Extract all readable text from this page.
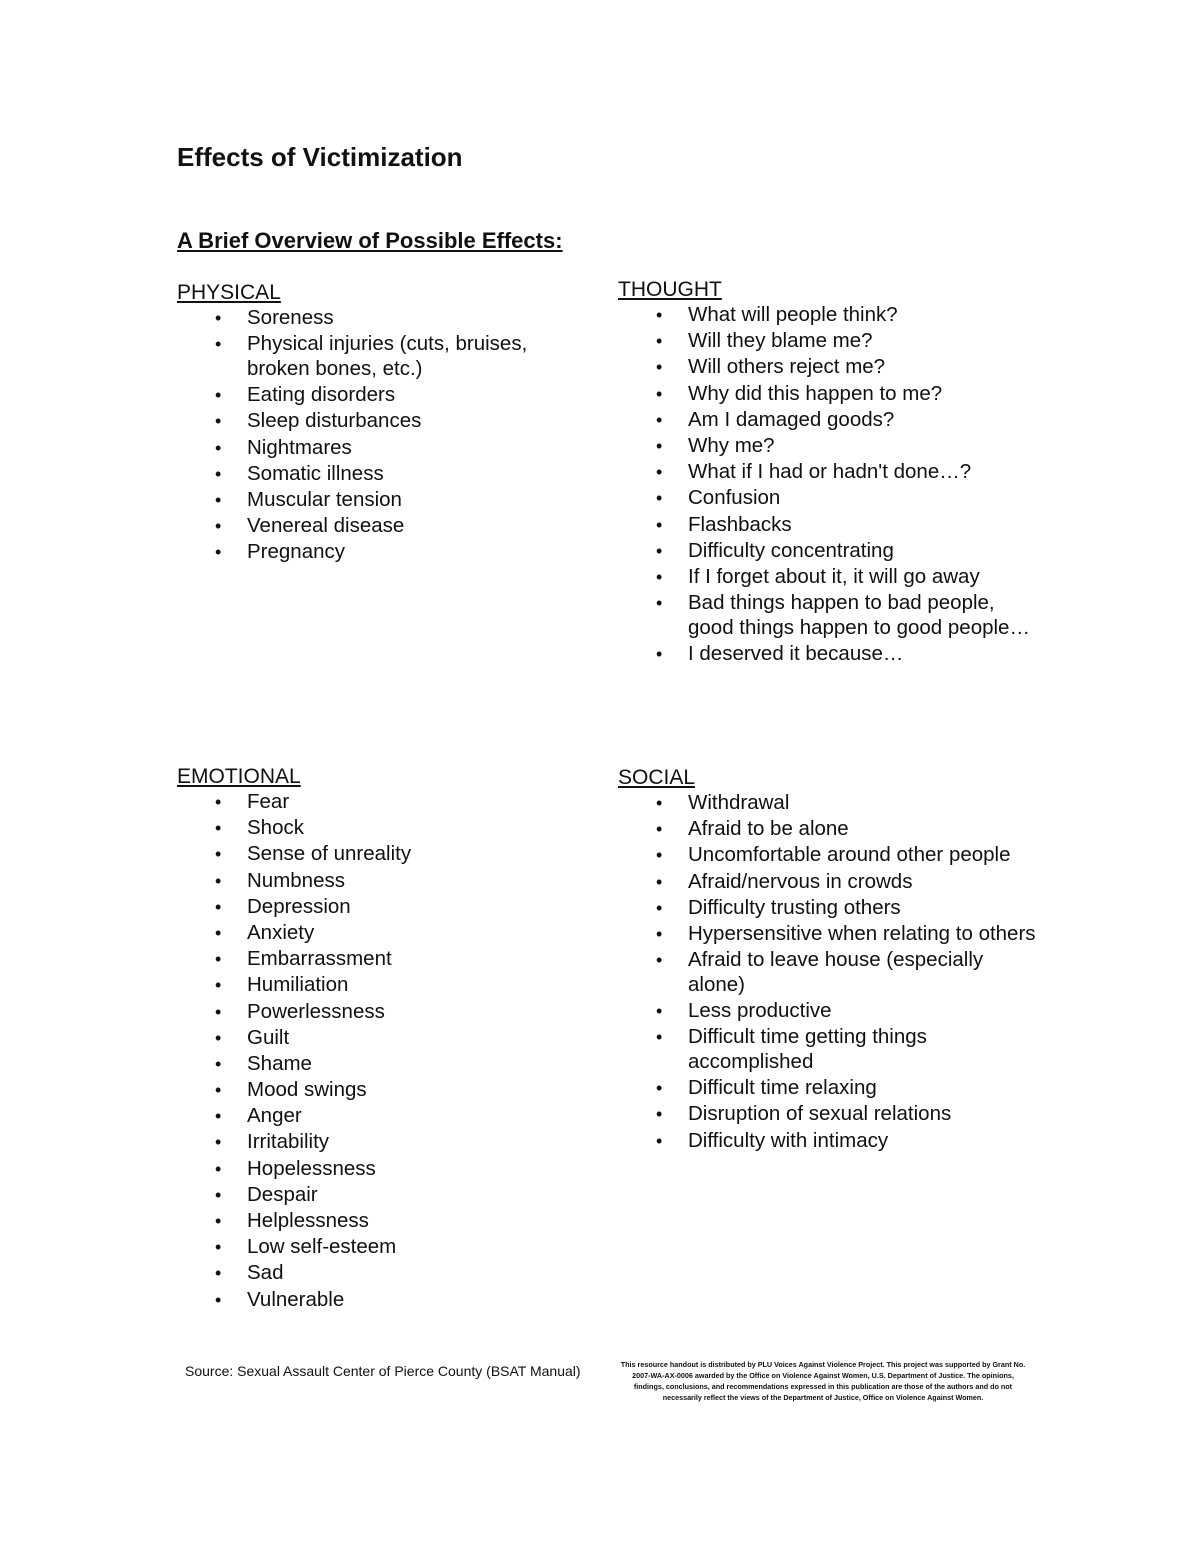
Effects of Victimization
A Brief Overview of Possible Effects:
PHYSICAL
• Soreness
• Physical injuries (cuts, bruises, broken bones, etc.)
• Eating disorders
• Sleep disturbances
• Nightmares
• Somatic illness
• Muscular tension
• Venereal disease
• Pregnancy
THOUGHT
• What will people think?
• Will they blame me?
• Will others reject me?
• Why did this happen to me?
• Am I damaged goods?
• Why me?
• What if I had or hadn't done…?
• Confusion
• Flashbacks
• Difficulty concentrating
• If I forget about it, it will go away
• Bad things happen to bad people, good things happen to good people…
• I deserved it because…
EMOTIONAL
• Fear
• Shock
• Sense of unreality
• Numbness
• Depression
• Anxiety
• Embarrassment
• Humiliation
• Powerlessness
• Guilt
• Shame
• Mood swings
• Anger
• Irritability
• Hopelessness
• Despair
• Helplessness
• Low self-esteem
• Sad
• Vulnerable
SOCIAL
• Withdrawal
• Afraid to be alone
• Uncomfortable around other people
• Afraid/nervous in crowds
• Difficulty trusting others
• Hypersensitive when relating to others
• Afraid to leave house (especially alone)
• Less productive
• Difficult time getting things accomplished
• Difficult time relaxing
• Disruption of sexual relations
• Difficulty with intimacy
Source: Sexual Assault Center of Pierce County (BSAT Manual)	This resource handout is distributed by PLU Voices Against Violence Project. This project was supported by Grant No. 2007-WA-AX-0006 awarded by the Office on Violence Against Women, U.S. Department of Justice. The opinions, findings, conclusions, and recommendations expressed in this publication are those of the authors and do not necessarily reflect the views of the Department of Justice, Office on Violence Against Women.
